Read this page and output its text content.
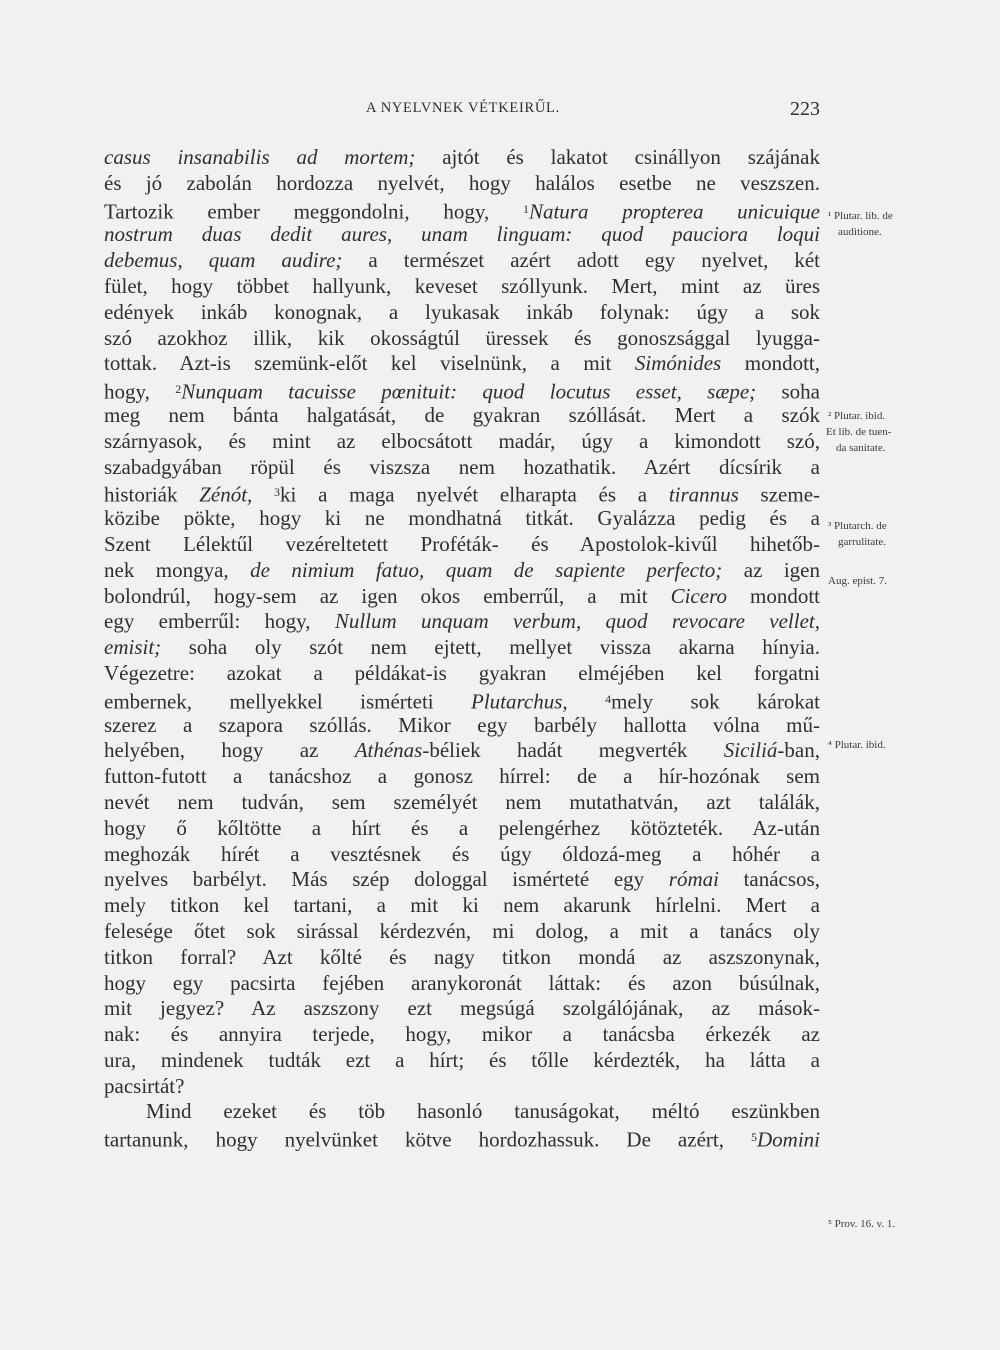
A NYELVNEK VÉTKEIRŰL.	223
casus insanabilis ad mortem; ajtót és lakatot csinállyon szájának
és jó zabolán hordozza nyelvét, hogy halálos esetbe ne veszszen.
Tartozik ember meggondolni, hogy, $^1$Natura propterea unicuique
nostrum duas dedit aures, unam linguam: quod pauciora loqui
debemus, quam audire; a természet azért adott egy nyelvet, két
fület, hogy többet hallyunk, keveset szóllyunk. Mert, mint az üres
edények inkáb konognak, a lyukasak inkáb folynak: úgy a sok
szó azokhoz illik, kik okosságtúl üressek és gonoszsággal lyugga-
tottak. Azt-is szemünk-előt kel viselnünk, a mit Simónides mondott,
hogy, $^2$Nunquam tacuisse pœnituit: quod locutus esset, sæpe; soha
meg nem bánta halgatását, de gyakran szóllását. Mert a szók
szárnyasok, és mint az elbocsátott madár, úgy a kimondott szó,
szabadgyában röpül és viszsza nem hozathatik. Azért dícsírik a
historiák Zénót, $^3$ki a maga nyelvét elharapta és a tirannus szeme-
közibe pökte, hogy ki ne mondhatná titkát. Gyalázza pedig és a
Szent Lélektűl vezéreltetett Proféták- és Apostolok-kivűl hihetőb-
nek mongya, de nimium fatuo, quam de sapiente perfecto; az igen
bolondrúl, hogy-sem az igen okos emberrűl, a mit Cicero mondott
egy emberrűl: hogy, Nullum unquam verbum, quod revocare vellet,
emisit; soha oly szót nem ejtett, mellyet vissza akarna hínyia.
Végezetre: azokat a példákat-is gyakran elméjében kel forgatni
embernek, mellyekkel ismérteti Plutarchus,	$^4$mely sok károkat
szerez a szapora szóllás. Mikor egy barbély hallotta vólna mű-
helyében, hogy az Athénas-béliek hadát megverték Siciliá-ban,
futton-futott a tanácshoz a gonosz hírrel: de a hír-hozónak sem
nevét nem tudván, sem személyét nem mutathatván, azt találák,
hogy ő kőltötte a hírt és a pelengérhez kötözteték. Az-után
meghozák hírét a vesztésnek és úgy óldozá-meg a hóhér a
nyelves barbélyt. Más szép dologgal ismérteté egy római tanácsos,
mely titkon kel tartani, a mit ki nem akarunk hírlelni. Mert a
felesége őtet sok sirással kérdezvén, mi dolog, a mit a tanács oly
titkon forral? Azt kőlté és nagy titkon mondá az aszszonynak,
hogy egy pacsirta fejében aranykoronát láttak: és azon búsúlnak,
mit jegyez? Az aszszony ezt megsúgá szolgálójának, az mások-
nak: és annyira terjede, hogy, mikor a tanácsba érkezék az
ura, mindenek tudták ezt a hírt; és tőlle kérdezték, ha látta a
pacsirtát?
Mind ezeket és töb hasonló tanuságokat, méltó eszünkben
tartanunk, hogy nyelvünket kötve hordozhassuk. De azért, $^5$Domini
¹ Plutar. lib. de
auditione.
² Plutar. ibid.
Et lib. de tuen-
da sanitate.
³ Plutarch. de
garrulitate.
Aug. epist. 7.
⁴ Plutar. ibid.
⁵ Prov. 16. v. 1.
